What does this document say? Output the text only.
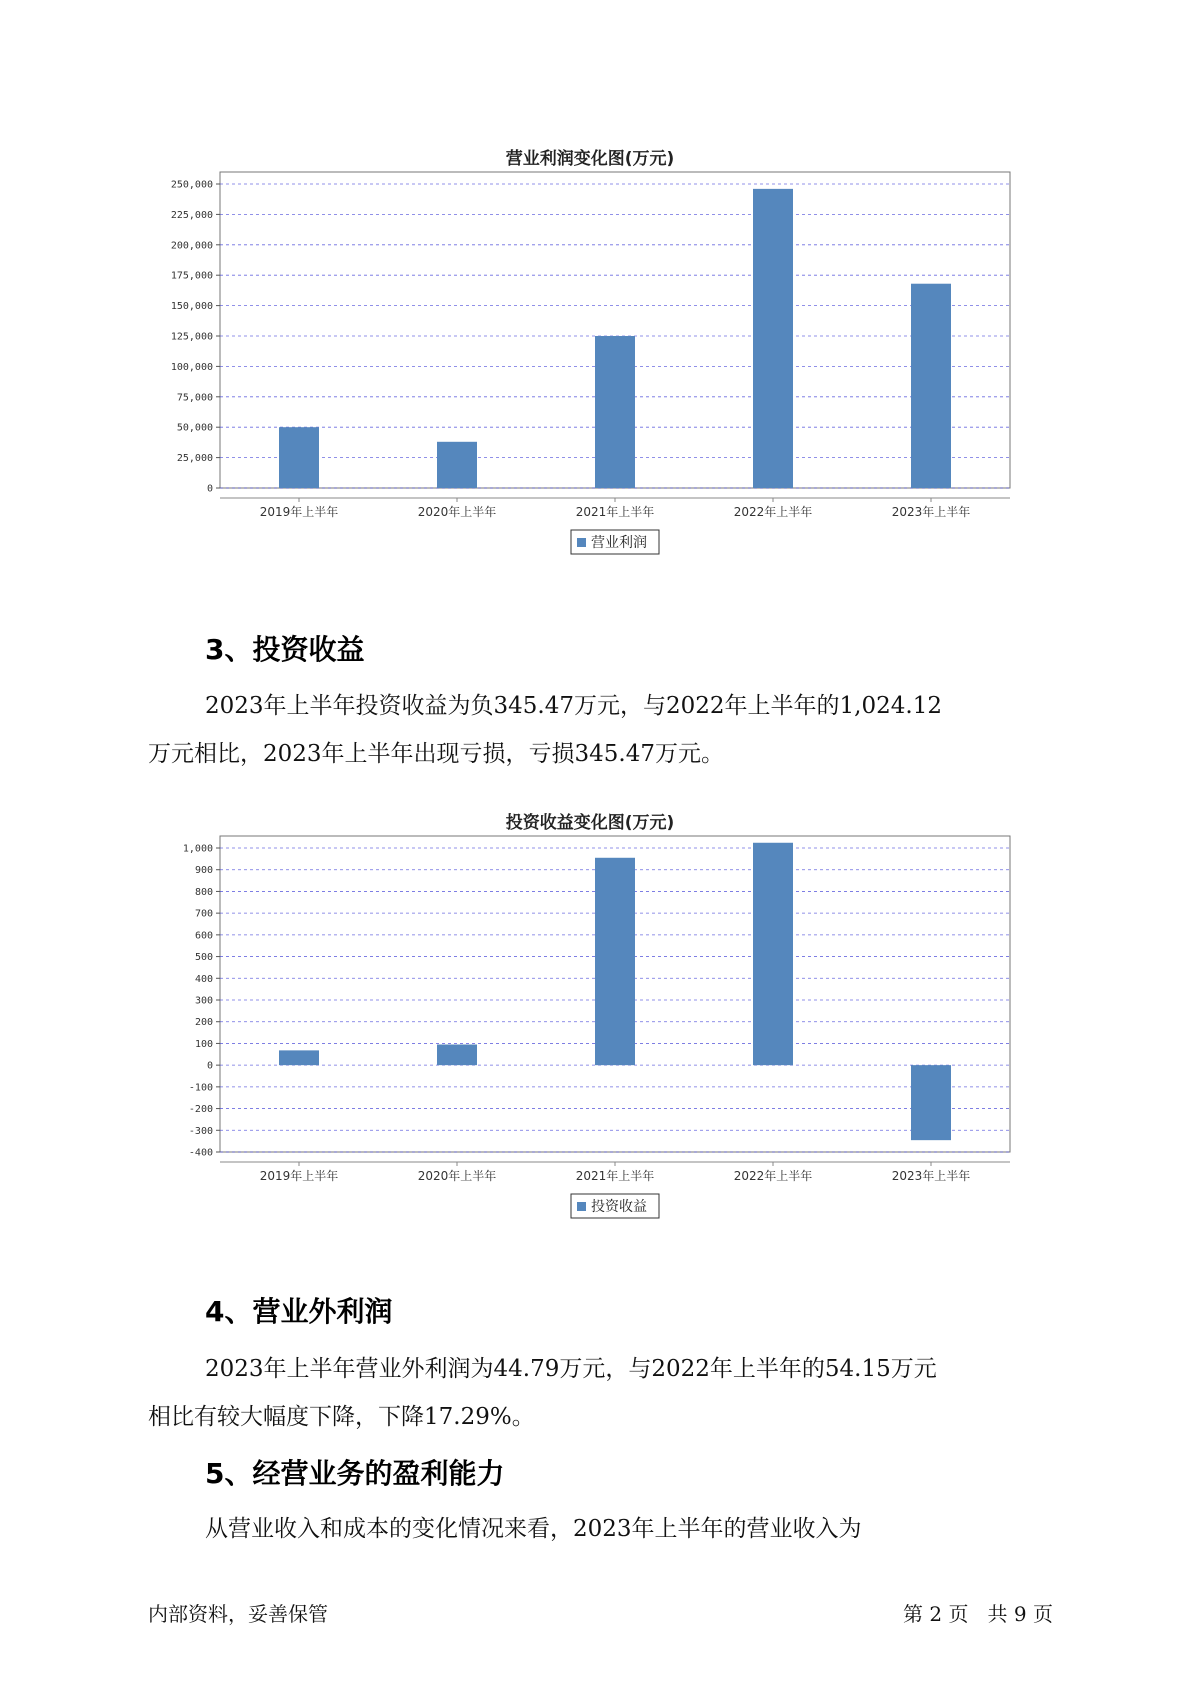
营业利润变化图(万元)
0
25,000
50,000
75,000
100,000
125,000
150,000
175,000
200,000
225,000
250,000
2019年上半年	2020年上半年	2021年上半年	2022年上半年	2023年上半年
营业利润
3、投资收益

2023年上半年投资收益为负345.47万元，与2022年上半年的1,024.12

万元相比，2023年上半年出现亏损，亏损345.47万元。

投资收益变化图(万元)
-400
-300
-200
-100
0
100
200
300
400
500
600
700
800
900
1,000
2019年上半年	2020年上半年	2021年上半年	2022年上半年	2023年上半年
投资收益
4、营业外利润

2023年上半年营业外利润为44.79万元，与2022年上半年的54.15万元

相比有较大幅度下降，下降17.29%。

5、经营业务的盈利能力

从营业收入和成本的变化情况来看，2023年上半年的营业收入为

内部资料，妥善保管	第 2 页   共 9 页
